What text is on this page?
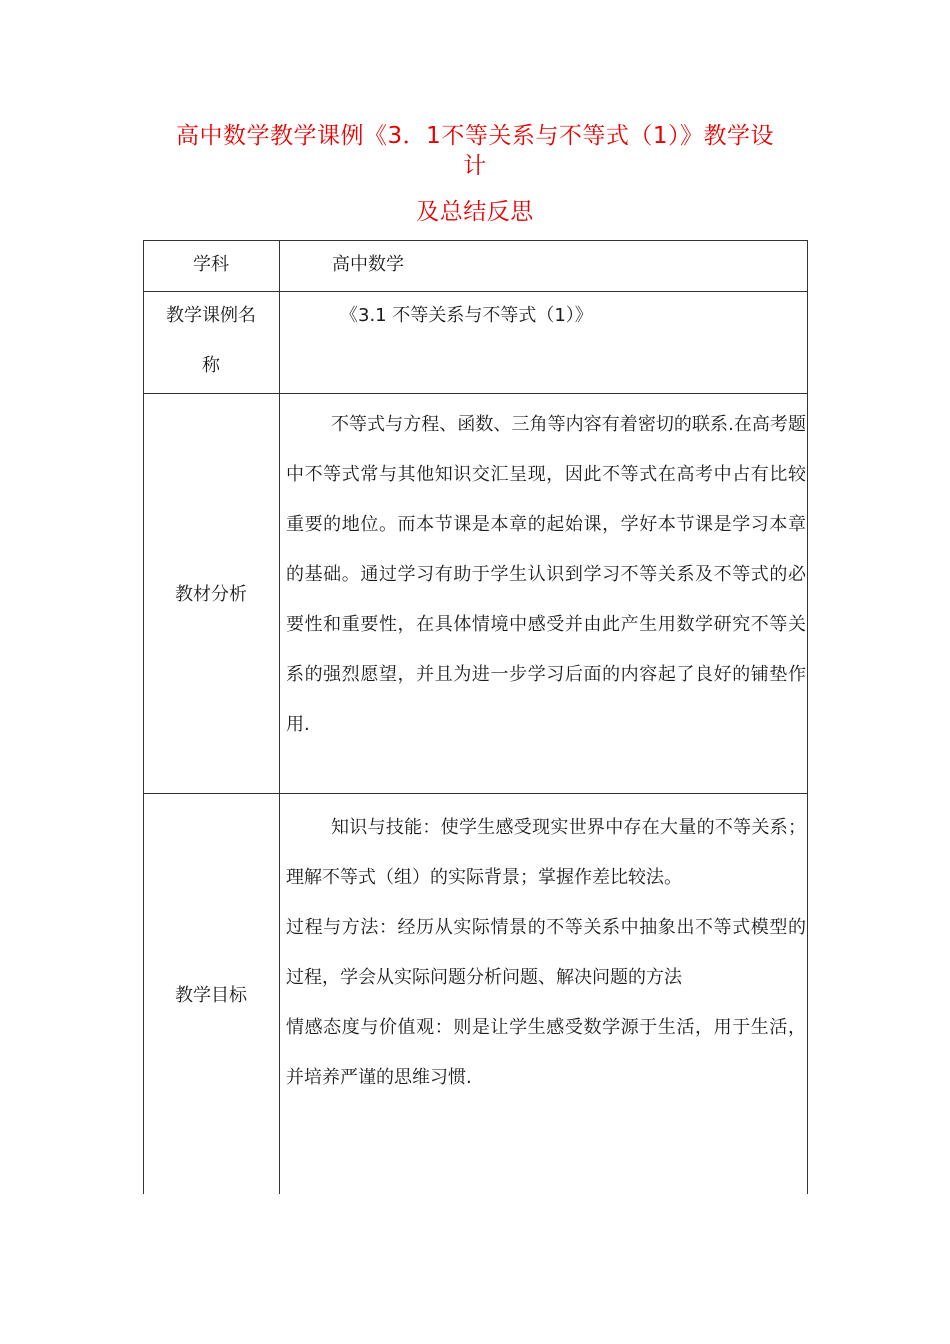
高中数学教学课例《3．1不等关系与不等式（1）》教学设
计
及总结反思
学科	高中数学
教学课例名
称
《3.1 不等关系与不等式（1）》
教材分析

不等式与方程、函数、三角等内容有着密切的联系.在高考题中不等式常与其他知识交汇呈现，因此不等式在高考中占有比较重要的地位。而本节课是本章的起始课，学好本节课是学习本章的基础。通过学习有助于学生认识到学习不等关系及不等式的必要性和重要性，在具体情境中感受并由此产生用数学研究不等关系的强烈愿望，并且为进一步学习后面的内容起了良好的铺垫作用.

教学目标

知识与技能：使学生感受现实世界中存在大量的不等关系；理解不等式（组）的实际背景；掌握作差比较法。

过程与方法：经历从实际情景的不等关系中抽象出不等式模型的过程，学会从实际问题分析问题、解决问题的方法

情感态度与价值观：则是让学生感受数学源于生活，用于生活，并培养严谨的思维习惯.
